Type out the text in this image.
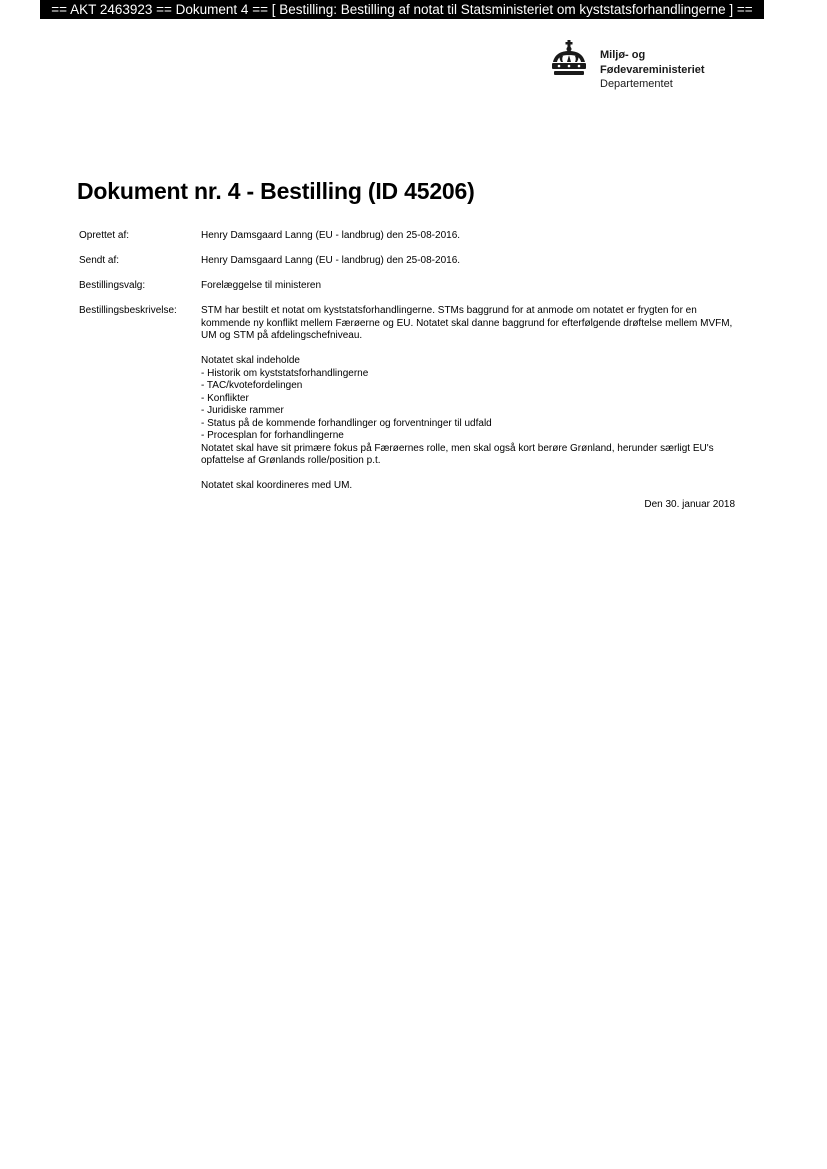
== AKT 2463923 == Dokument 4 == [ Bestilling: Bestilling af notat til Statsministeriet om kyststatsforhandlingerne ] ==
Miljø- og
Fødevareministeriet
Departementet
Dokument nr. 4 - Bestilling (ID 45206)
Oprettet af:	Henry Damsgaard Lanng (EU - landbrug) den 25-08-2016.
Sendt af:	Henry Damsgaard Lanng (EU - landbrug) den 25-08-2016.
Bestillingsvalg:	Forelæggelse til ministeren
Bestillingsbeskrivelse: STM har bestilt et notat om kyststatsforhandlingerne. STMs baggrund for at anmode om notatet er frygten for en kommende ny konflikt mellem Færøerne og EU. Notatet skal danne baggrund for efterfølgende drøftelse mellem MVFM, UM og STM på afdelingschefniveau.

Notatet skal indeholde

- Historik om kyststatsforhandlingerne

- TAC/kvotefordelingen

- Konflikter

- Juridiske rammer

- Status på de kommende forhandlinger og forventninger til udfald

- Procesplan for forhandlingerne

Notatet skal have sit primære fokus på Færøernes rolle, men skal også kort berøre Grønland, herunder særligt EU's opfattelse af Grønlands rolle/position p.t.

Notatet skal koordineres med UM.

Den 30. januar 2018
